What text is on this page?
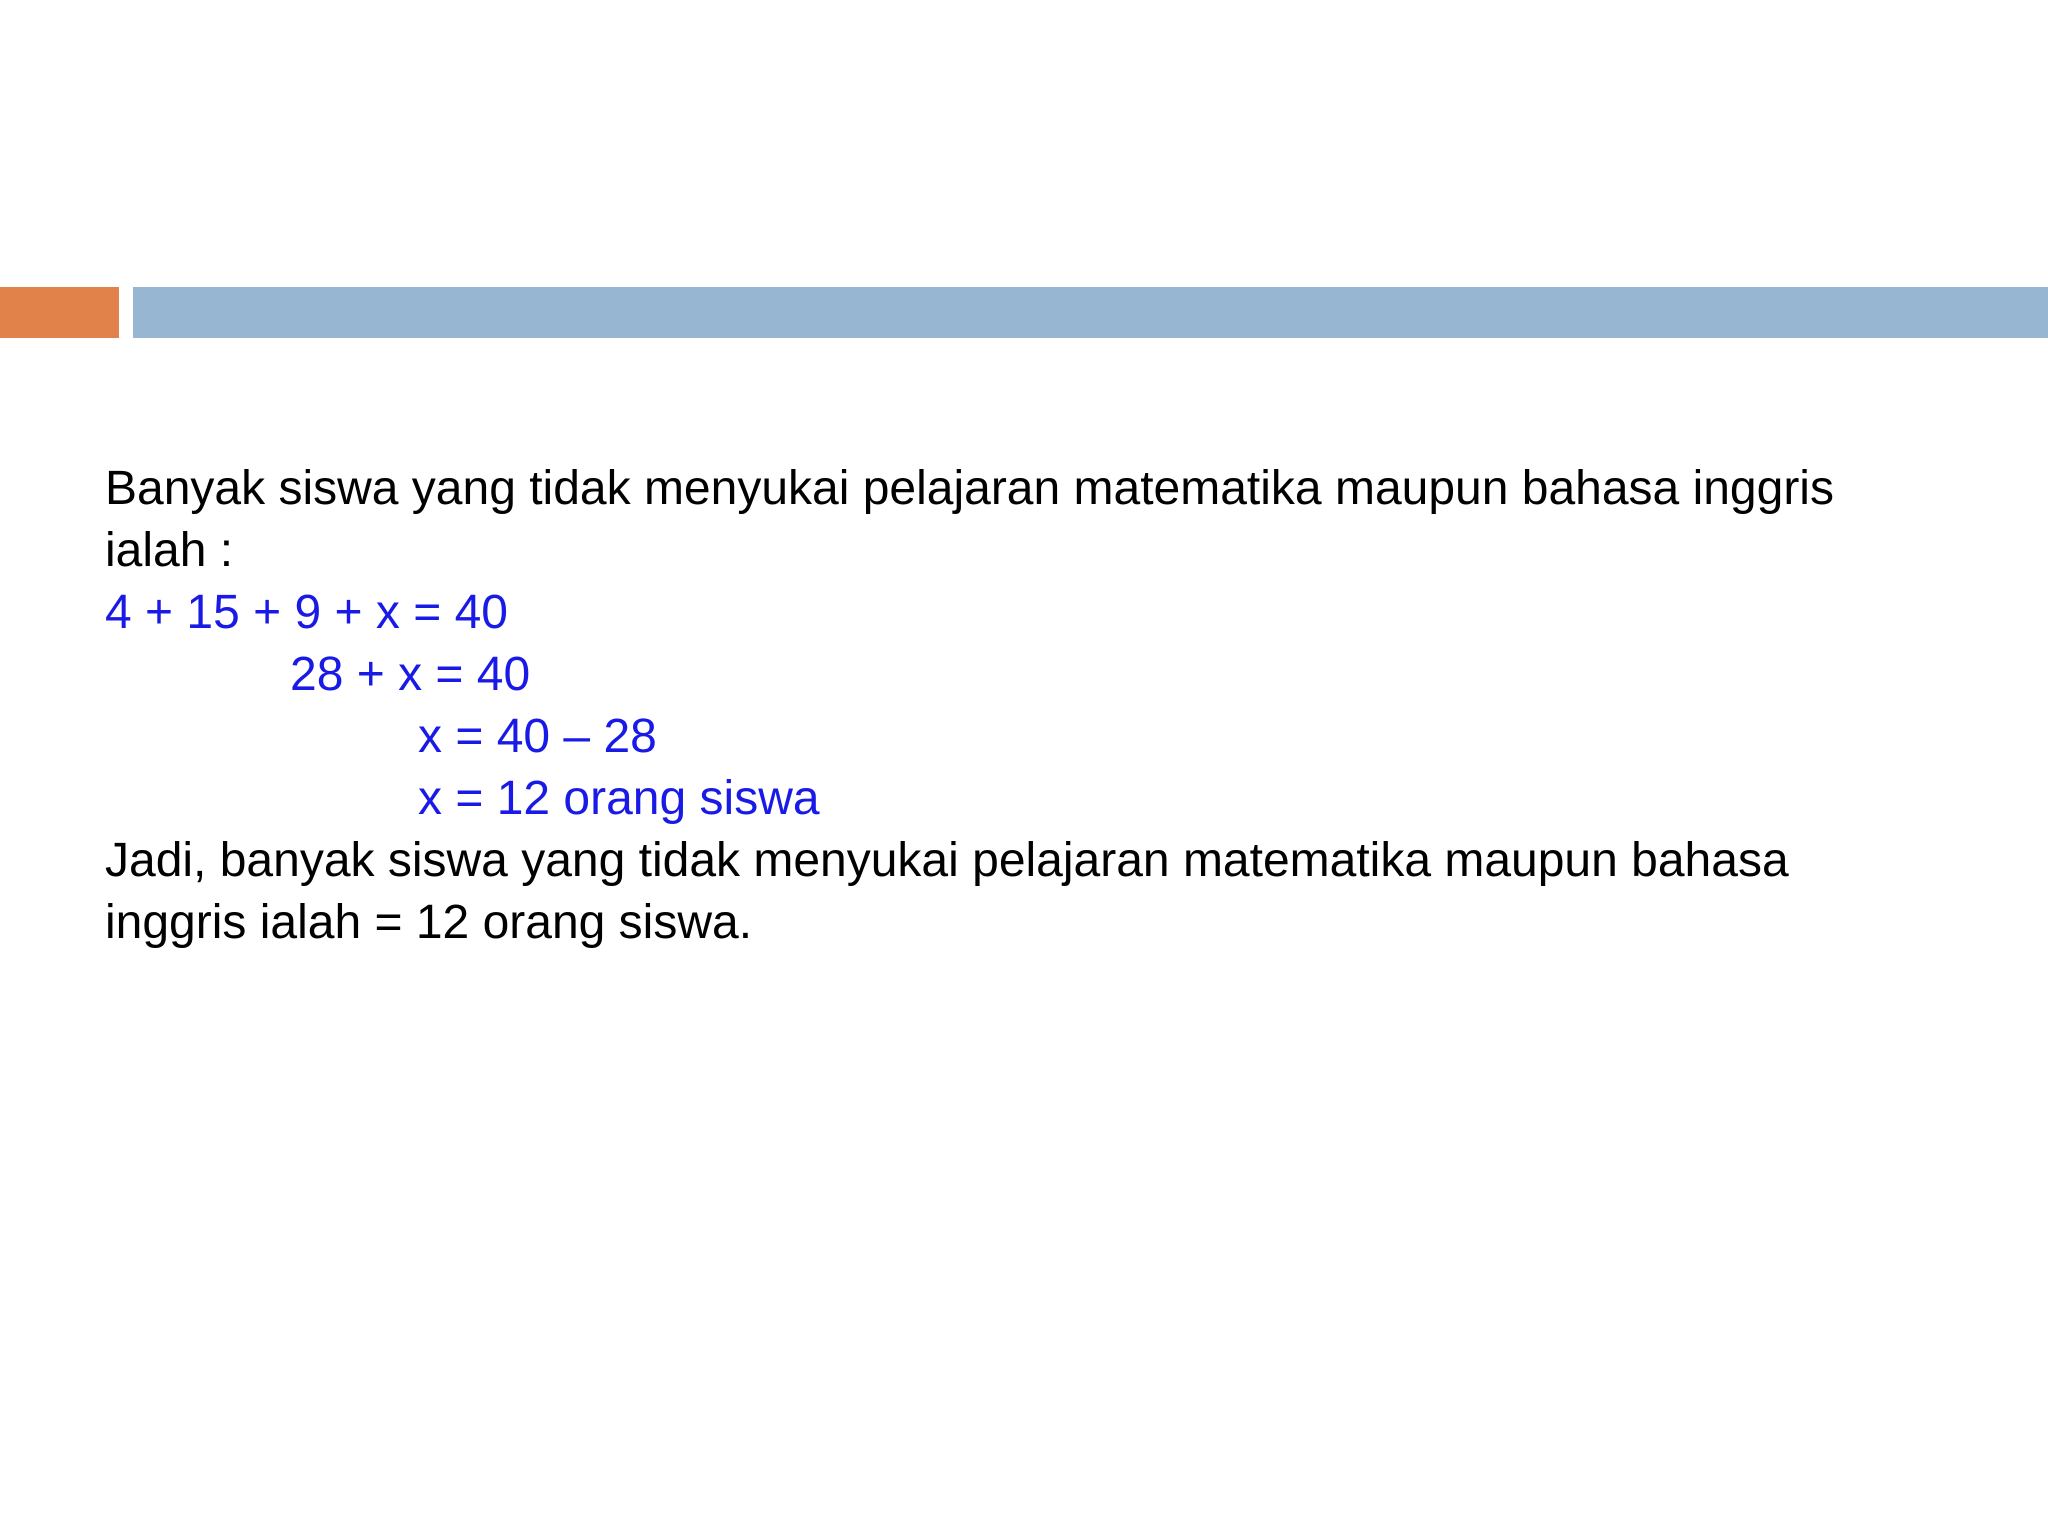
Banyak siswa yang tidak menyukai pelajaran matematika maupun bahasa inggris
ialah :
4 + 15 + 9 + x = 40
28 + x = 40
x = 40 – 28
x = 12 orang siswa
Jadi, banyak siswa yang tidak menyukai pelajaran matematika maupun bahasa
inggris ialah = 12 orang siswa.
